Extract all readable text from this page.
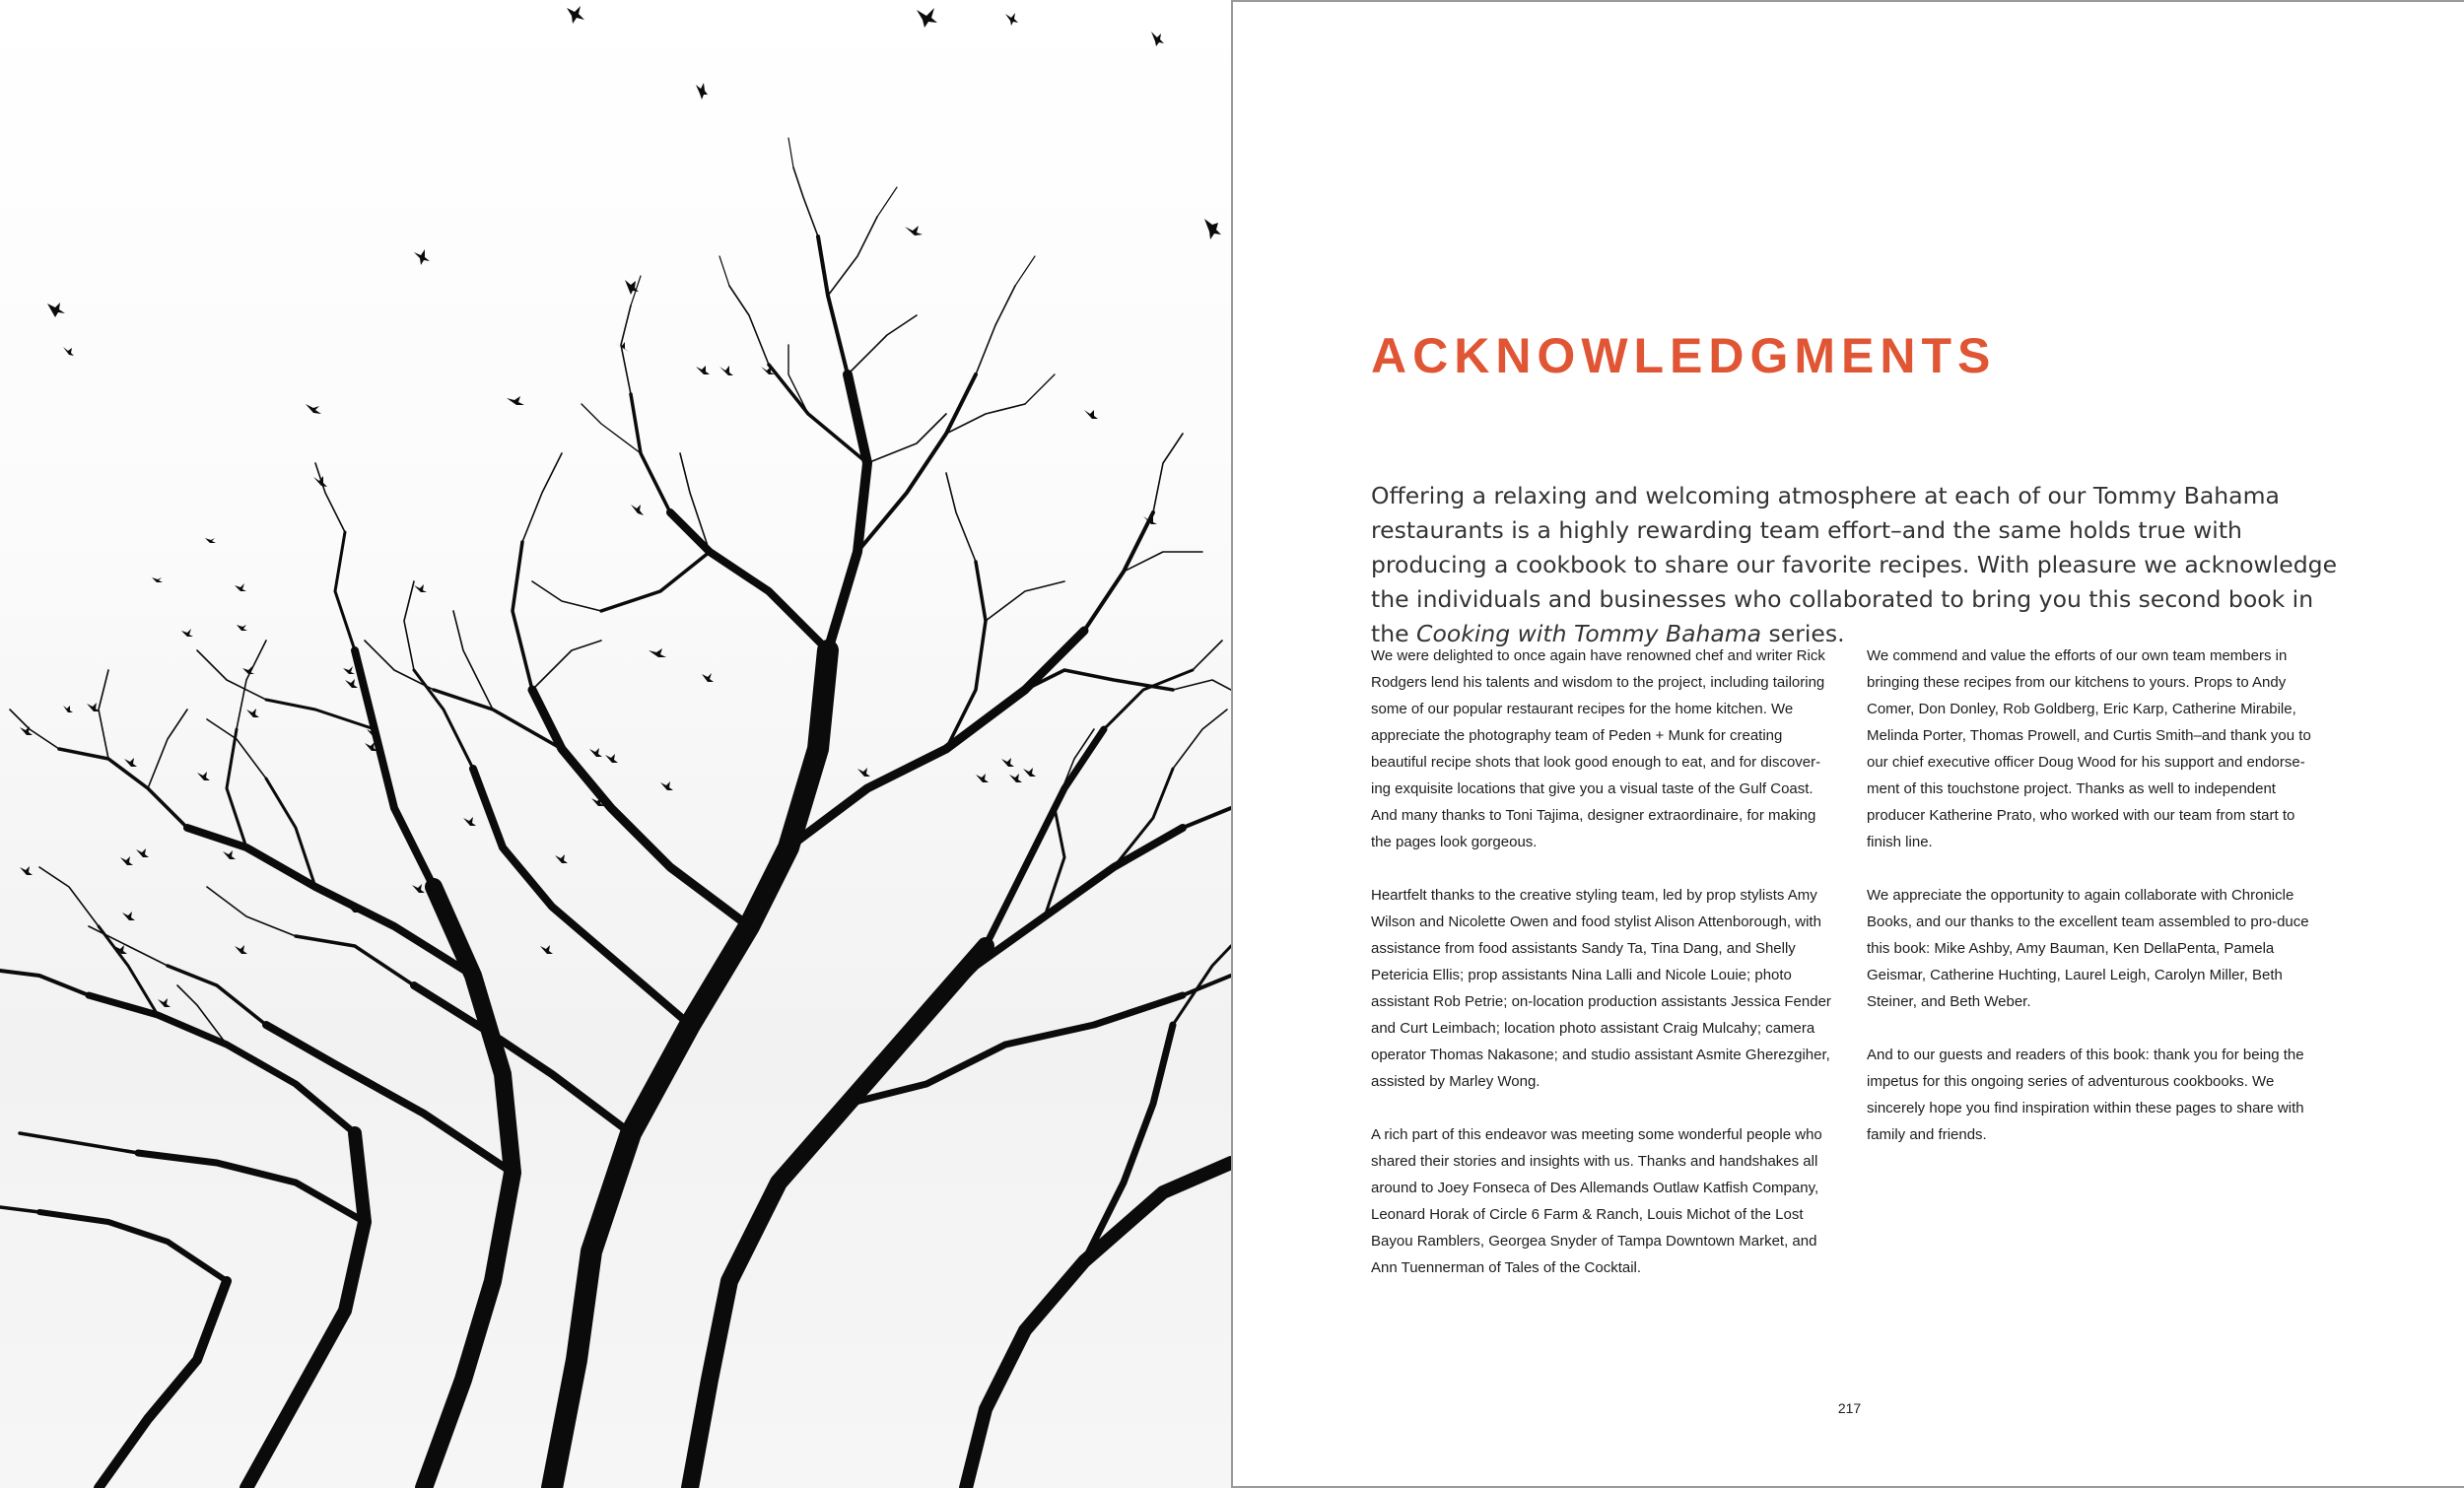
ACKNOWLEDGMENTS

Offering a relaxing and welcoming atmosphere at each of our Tommy Bahama restaurants is a highly rewarding team effort–and the same holds true with producing a cookbook to share our favorite recipes. With pleasure we acknowledge the individuals and businesses who collaborated to bring you this second book in the Cooking with Tommy Bahama series.

We were delighted to once again have renowned chef and writer Rick Rodgers lend his talents and wisdom to the project, including tailoring some of our popular restaurant recipes for the home kitchen. We appreciate the photography team of Peden + Munk for creating beautiful recipe shots that look good enough to eat, and for discover-ing exquisite locations that give you a visual taste of the Gulf Coast. And many thanks to Toni Tajima, designer extraordinaire, for making the pages look gorgeous.

Heartfelt thanks to the creative styling team, led by prop stylists Amy Wilson and Nicolette Owen and food stylist Alison Attenborough, with assistance from food assistants Sandy Ta, Tina Dang, and Shelly Petericia Ellis; prop assistants Nina Lalli and Nicole Louie; photo assistant Rob Petrie; on-location production assistants Jessica Fender and Curt Leimbach; location photo assistant Craig Mulcahy; camera operator Thomas Nakasone; and studio assistant Asmite Gherezgiher, assisted by Marley Wong.

A rich part of this endeavor was meeting some wonderful people who shared their stories and insights with us. Thanks and handshakes all around to Joey Fonseca of Des Allemands Outlaw Katfish Company, Leonard Horak of Circle 6 Farm & Ranch, Louis Michot of the Lost Bayou Ramblers, Georgea Snyder of Tampa Downtown Market, and Ann Tuennerman of Tales of the Cocktail.

We commend and value the efforts of our own team members in bringing these recipes from our kitchens to yours. Props to Andy Comer, Don Donley, Rob Goldberg, Eric Karp, Catherine Mirabile, Melinda Porter, Thomas Prowell, and Curtis Smith–and thank you to our chief executive officer Doug Wood for his support and endorse-ment of this touchstone project. Thanks as well to independent producer Katherine Prato, who worked with our team from start to finish line.

We appreciate the opportunity to again collaborate with Chronicle Books, and our thanks to the excellent team assembled to pro-duce this book: Mike Ashby, Amy Bauman, Ken DellaPenta, Pamela Geismar, Catherine Huchting, Laurel Leigh, Carolyn Miller, Beth Steiner, and Beth Weber.

And to our guests and readers of this book: thank you for being the impetus for this ongoing series of adventurous cookbooks. We sincerely hope you find inspiration within these pages to share with family and friends.

217
